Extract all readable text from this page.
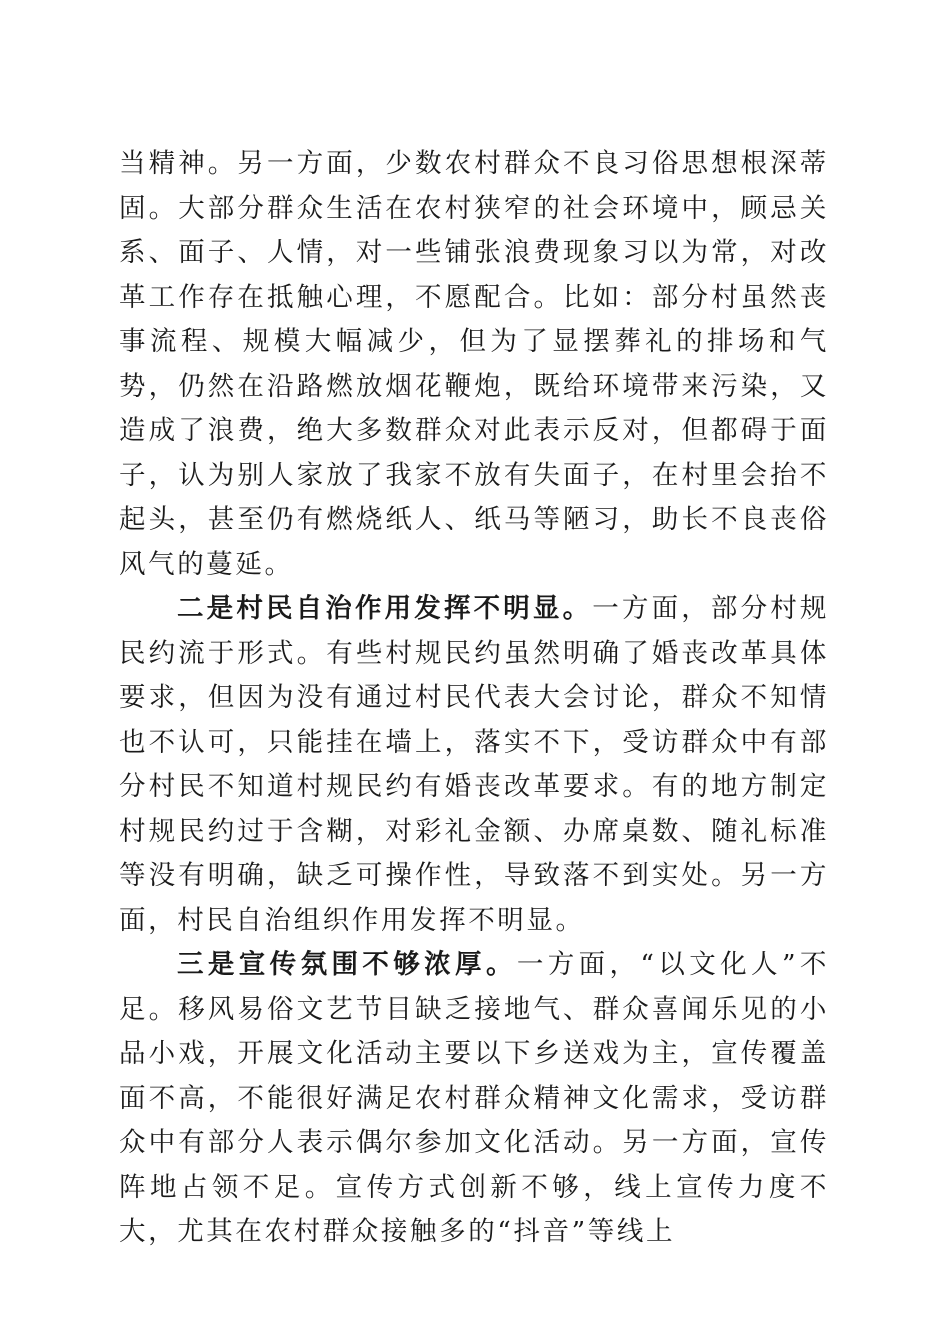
当精神。另一方面，少数农村群众不良习俗思想根深蒂固。大部分群众生活在农村狭窄的社会环境中，顾忌关系、面子、人情，对一些铺张浪费现象习以为常，对改革工作存在抵触心理，不愿配合。比如：部分村虽然丧事流程、规模大幅减少，但为了显摆葬礼的排场和气势，仍然在沿路燃放烟花鞭炮，既给环境带来污染，又造成了浪费，绝大多数群众对此表示反对，但都碍于面子，认为别人家放了我家不放有失面子，在村里会抬不起头，甚至仍有燃烧纸人、纸马等陋习，助长不良丧俗风气的蔓延。

二是村民自治作用发挥不明显。一方面，部分村规民约流于形式。有些村规民约虽然明确了婚丧改革具体要求，但因为没有通过村民代表大会讨论，群众不知情也不认可，只能挂在墙上，落实不下，受访群众中有部分村民不知道村规民约有婚丧改革要求。有的地方制定村规民约过于含糊，对彩礼金额、办席桌数、随礼标准等没有明确，缺乏可操作性，导致落不到实处。另一方面，村民自治组织作用发挥不明显。

三是宣传氛围不够浓厚。一方面，“以文化人”不足。移风易俗文艺节目缺乏接地气、群众喜闻乐见的小品小戏，开展文化活动主要以下乡送戏为主，宣传覆盖面不高，不能很好满足农村群众精神文化需求，受访群众中有部分人表示偶尔参加文化活动。另一方面，宣传阵地占领不足。宣传方式创新不够，线上宣传力度不大，尤其在农村群众接触多的“抖音”等线上
